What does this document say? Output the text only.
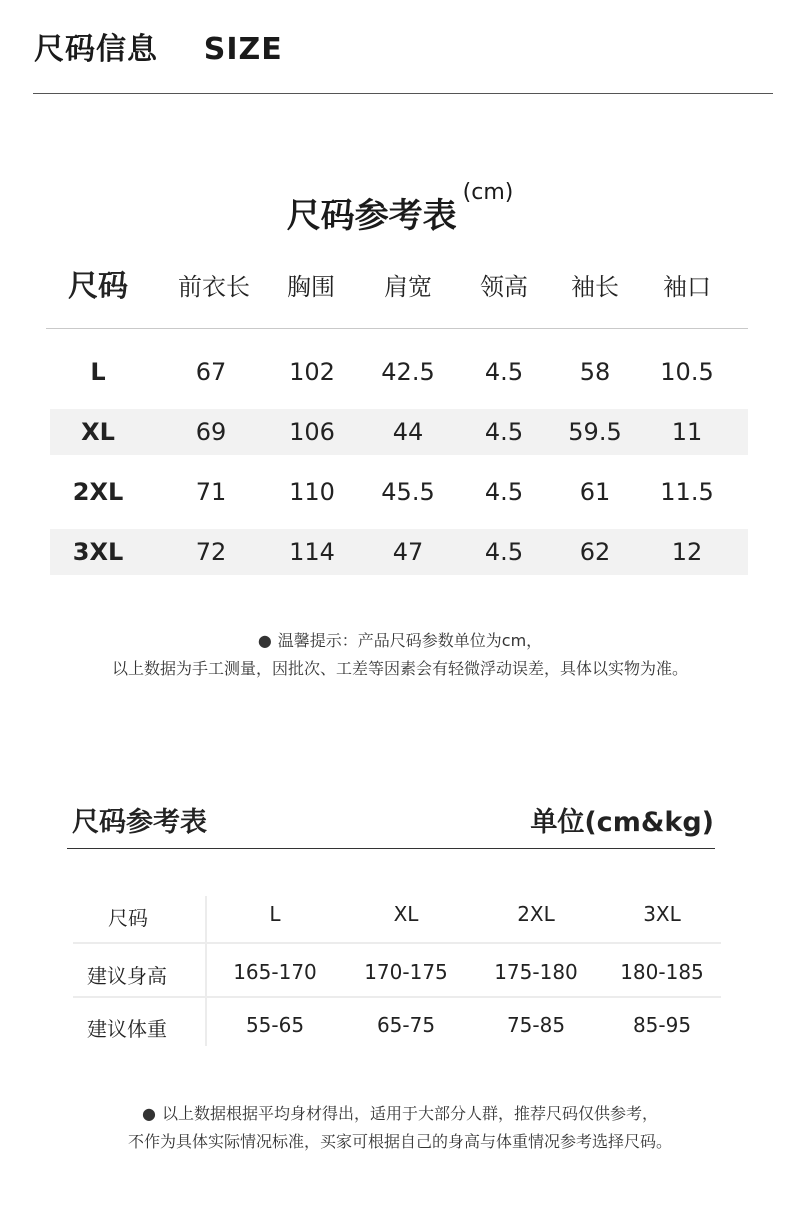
尺码信息    SIZE
尺码参考表$^{(cm)}$
尺码 前衣长 胸围 肩宽 领高 袖长 袖口
L	67	102 42.5 4.5 58 10.5
XL	69	106 44	4.5 59.5 11
2XL	71	110 45.5 4.5 61 11.5
3XL	72	114 47	4.5 62	12
● 温馨提示：产品尺码参数单位为cm，
以上数据为手工测量，因批次、工差等因素会有轻微浮动误差，具体以实物为准。
尺码参考表	单位(cm&kg)
尺码	L	XL	2XL	3XL
建议身高	165-170 170-175 175-180 180-185
建议体重	55-65	65-75	75-85	85-95
● 以上数据根据平均身材得出，适用于大部分人群，推荐尺码仅供参考，
不作为具体实际情况标准，买家可根据自己的身高与体重情况参考选择尺码。
